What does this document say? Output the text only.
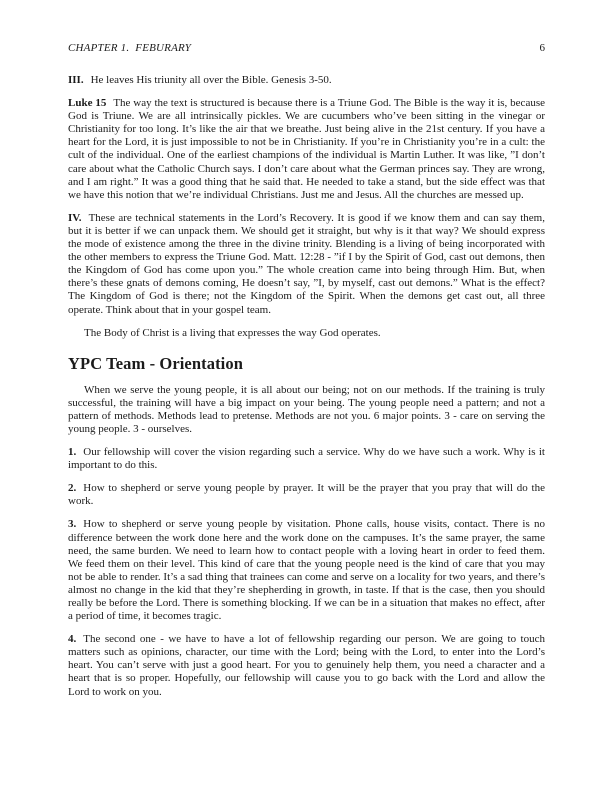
CHAPTER 1. FEBURARY	6

III. He leaves His triunity all over the Bible. Genesis 3-50.

Luke 15 The way the text is structured is because there is a Triune God. The Bible is the way it is, because God is Triune. We are all intrinsically pickles. We are cucumbers who’ve been sitting in the vinegar or Christianity for too long. It’s like the air that we breathe. Just being alive in the 21st century. If you have a heart for the Lord, it is just impossible to not be in Christianity. If you’re in Christianity you’re in a cult: the cult of the individual. One of the earliest champions of the individual is Martin Luther. It was like, ”I don’t care about what the Catholic Church says. I don’t care about what the German princes say. They are wrong, and I am right.” It was a good thing that he said that. He needed to take a stand, but the side effect was that we have this notion that we’re individual Christians. Just me and Jesus. All the churches are messed up.

IV. These are technical statements in the Lord’s Recovery. It is good if we know them and can say them, but it is better if we can unpack them. We should get it straight, but why is it that way? We should express the mode of existence among the three in the divine trinity. Blending is a living of being incorporated with the other members to express the Triune God. Matt. 12:28 - ”if I by the Spirit of God, cast out demons, then the Kingdom of God has come upon you.” The whole creation came into being through Him. But, when there’s these gnats of demons coming, He doesn’t say, ”I, by myself, cast out demons.” What is the effect? The Kingdom of God is there; not the Kingdom of the Spirit. When the demons get cast out, all three operate. Think about that in your gospel team.

The Body of Christ is a living that expresses the way God operates.

YPC Team - Orientation

When we serve the young people, it is all about our being; not on our methods. If the training is truly successful, the training will have a big impact on your being. The young people need a pattern; and not a pattern of methods. Methods lead to pretense. Methods are not you. 6 major points. 3 - care on serving the young people. 3 - ourselves.

1. Our fellowship will cover the vision regarding such a service. Why do we have such a work. Why is it important to do this.

2. How to shepherd or serve young people by prayer. It will be the prayer that you pray that will do the work.

3. How to shepherd or serve young people by visitation. Phone calls, house visits, contact. There is no difference between the work done here and the work done on the campuses. It’s the same prayer, the same need, the same burden. We need to learn how to contact people with a loving heart in order to feed them. We feed them on their level. This kind of care that the young people need is the kind of care that you may not be able to render. It’s a sad thing that trainees can come and serve on a locality for two years, and there’s almost no change in the kid that they’re shepherding in growth, in taste. If that is the case, then you should really be before the Lord. There is something blocking. If we can be in a situation that makes no effect, after a period of time, it becomes tragic.

4. The second one - we have to have a lot of fellowship regarding our person. We are going to touch matters such as opinions, character, our time with the Lord; being with the Lord, to enter into the Lord’s heart. You can’t serve with just a good heart. For you to genuinely help them, you need a character and a heart that is so proper. Hopefully, our fellowship will cause you to go back with the Lord and allow the Lord to work on you.
